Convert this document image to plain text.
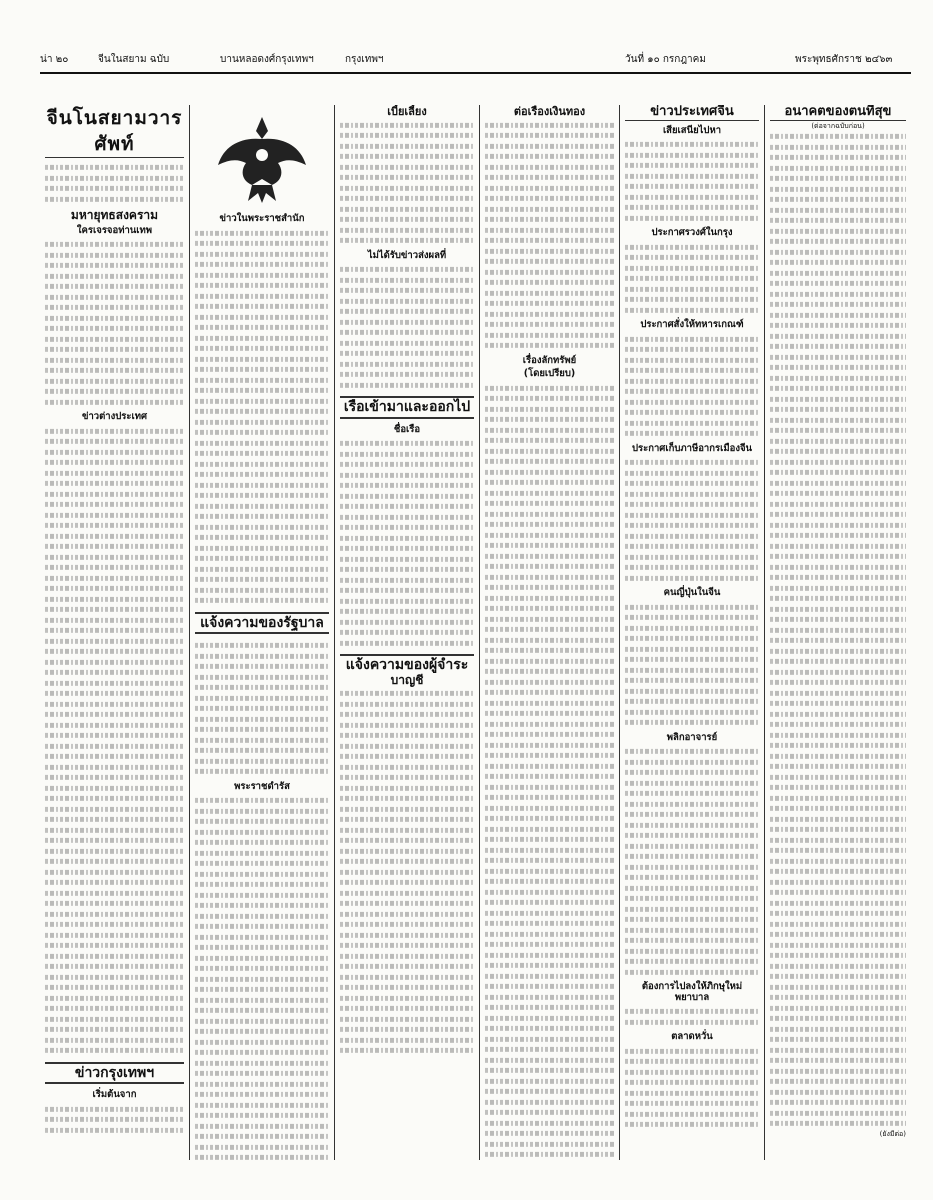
น่า ๒๐	จีนในสยาม ฉบับ	บานหลอดงศ์กรุงเทพฯ	กรุงเทพฯ	วันที่ ๑๐ กรกฎาคม	พระพุทธศักราช ๒๔๖๓
จีนโนสยามวารศัพท์
มหายุทธสงคราม
ใครเจรจอท่านเทพ
ข่าวต่างประเทศ
ข่าวกรุงเทพฯ
เริ่มต้นจาก
ข่าวในพระราชสำนัก
แจ้งความของรัฐบาล
พระราชดำรัส
เบี้ยเลี้ยง
ไม่ได้รับข่าวส่งผลที่
เรือเข้ามาและออกไป
ชื่อเรือ
แจ้งความของผู้จำระ
บาญชี
ต่อเรื่องเงินทอง
เรื่องลักทรัพย์
(โดยเปรียบ)
ข่าวประเทศจีน
เสียเสนียไปหา
ประกาศรวงศ์ในกรุง
ประกาศสั่งให้ทหารเกณฑ์
ประกาศเก็บภาษีอากรเมืองจีน
คนญี่ปุ่นในจีน
พลิกอาจารย์
ต้องการไปลงให้ภิกษุใหม่พยาบาล
ตลาดหวั่น
อนาคตของตนที่สุข
(ต่อจากฉบับก่อน)
(ยังมีต่อ)
